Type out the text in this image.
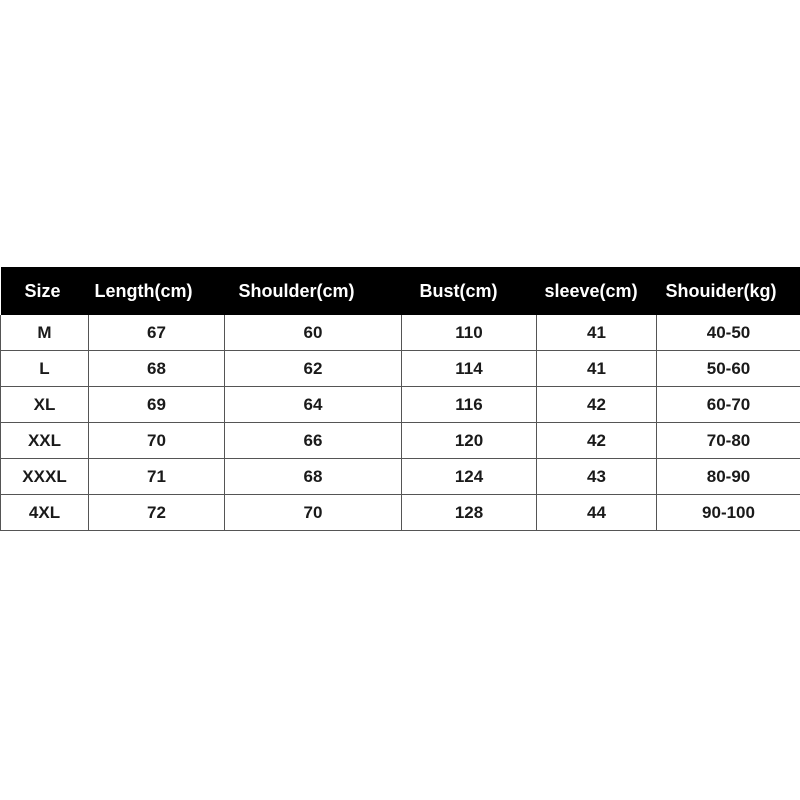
Size	Length(cm)	Shoulder(cm)	Bust(cm)	sleeve(cm)	Shouider(kg)
M	67	60	110	41	40-50
L	68	62	114	41	50-60
XL	69	64	116	42	60-70
XXL	70	66	120	42	70-80
XXXL	71	68	124	43	80-90
4XL	72	70	128	44	90-100
